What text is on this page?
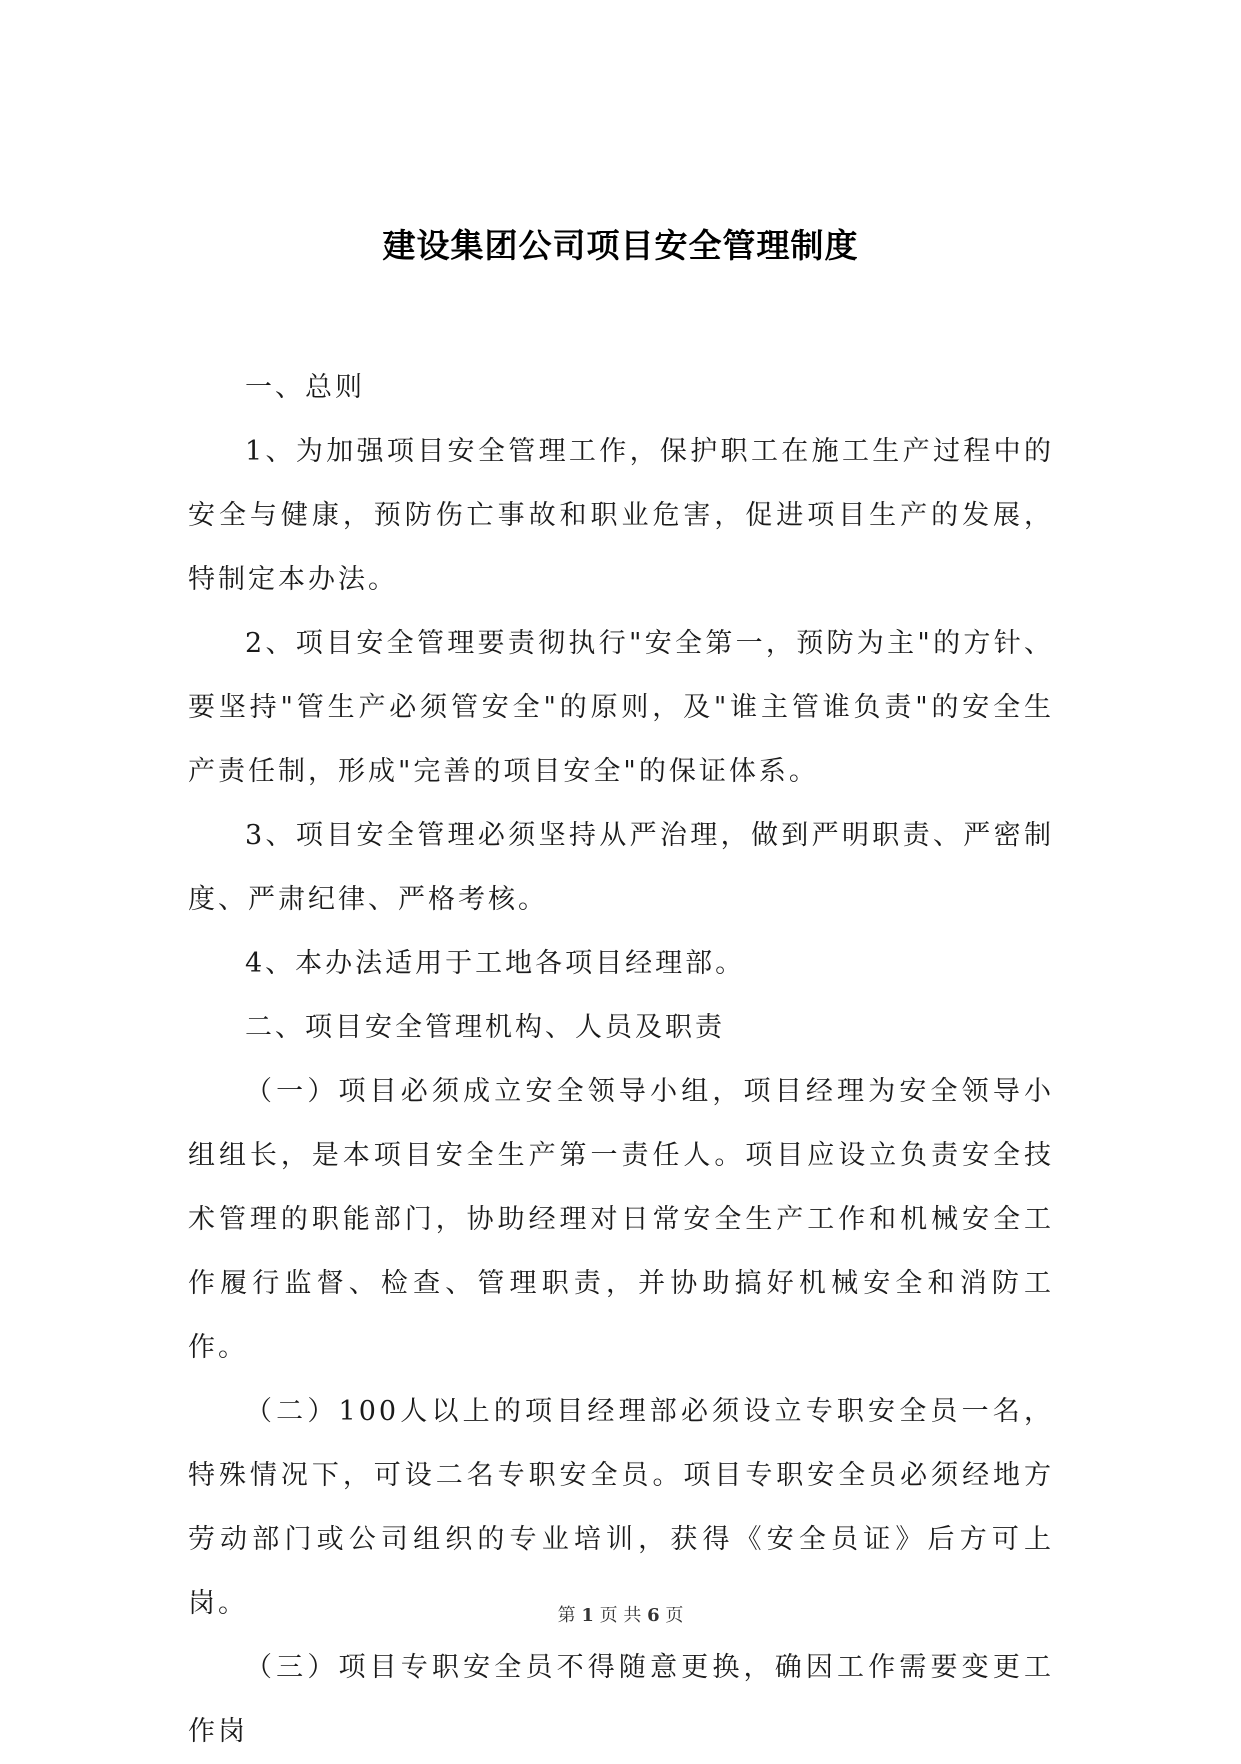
建设集团公司项目安全管理制度

一、总则

1、为加强项目安全管理工作，保护职工在施工生产过程中的安全与健康，预防伤亡事故和职业危害，促进项目生产的发展，特制定本办法。

2、项目安全管理要责彻执行"安全第一，预防为主"的方针、要坚持"管生产必须管安全"的原则，及"谁主管谁负责"的安全生产责任制，形成"完善的项目安全"的保证体系。

3、项目安全管理必须坚持从严治理，做到严明职责、严密制度、严肃纪律、严格考核。

4、本办法适用于工地各项目经理部。

二、项目安全管理机构、人员及职责

（一）项目必须成立安全领导小组，项目经理为安全领导小组组长，是本项目安全生产第一责任人。项目应设立负责安全技术管理的职能部门，协助经理对日常安全生产工作和机械安全工作履行监督、检查、管理职责，并协助搞好机械安全和消防工作。

（二）100人以上的项目经理部必须设立专职安全员一名，特殊情况下，可设二名专职安全员。项目专职安全员必须经地方劳动部门或公司组织的专业培训，获得《安全员证》后方可上岗。

（三）项目专职安全员不得随意更换，确因工作需要变更工作岗

第 1 页 共 6 页
